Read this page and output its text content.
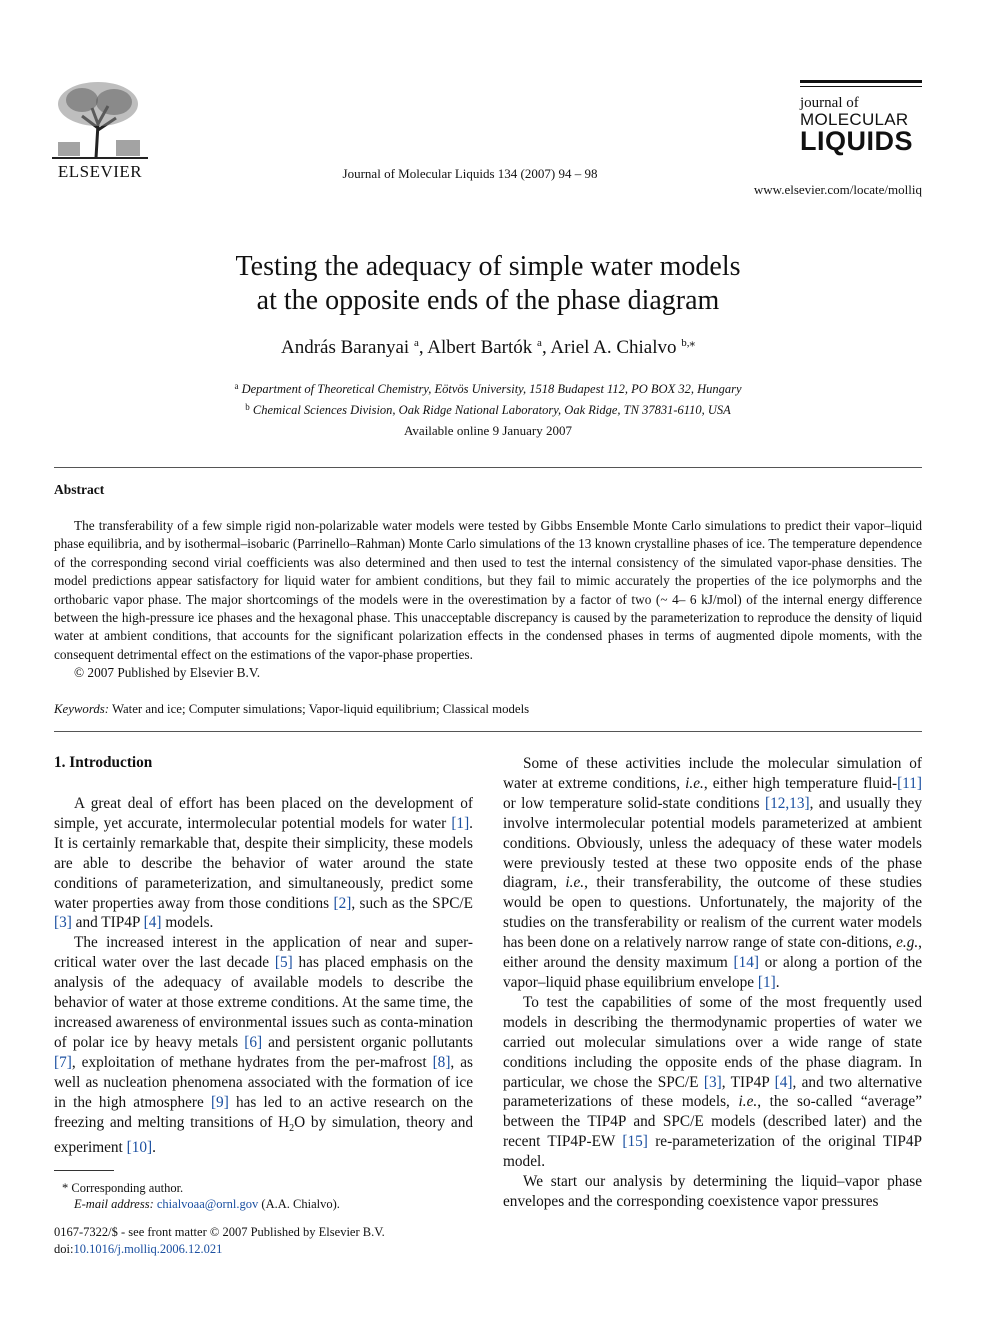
ELSEVIER	Journal of Molecular Liquids 134 (2007) 94 – 98
journal of
MOLECULAR
LIQUIDS
www.elsevier.com/locate/molliq
Testing the adequacy of simple water models
at the opposite ends of the phase diagram
András Baranyai $^a$, Albert Bartók $^a$, Ariel A. Chialvo $^{b,⁎}$
$^a$ Department of Theoretical Chemistry, Eötvös University, 1518 Budapest 112, PO BOX 32, Hungary
$^b$ Chemical Sciences Division, Oak Ridge National Laboratory, Oak Ridge, TN 37831-6110, USA
Available online 9 January 2007
Abstract

The transferability of a few simple rigid non-polarizable water models were tested by Gibbs Ensemble Monte Carlo simulations to predict their vapor–liquid phase equilibria, and by isothermal–isobaric (Parrinello–Rahman) Monte Carlo simulations of the 13 known crystalline phases of ice. The temperature dependence of the corresponding second virial coefficients was also determined and then used to test the internal consistency of the simulated vapor-phase densities. The model predictions appear satisfactory for liquid water for ambient conditions, but they fail to mimic accurately the properties of the ice polymorphs and the orthobaric vapor phase. The major shortcomings of the models were in the overestimation by a factor of two (~ 4– 6 kJ/mol) of the internal energy difference between the high-pressure ice phases and the hexagonal phase. This unacceptable discrepancy is caused by the parameterization to reproduce the density of liquid water at ambient conditions, that accounts for the significant polarization effects in the condensed phases in terms of augmented dipole moments, with the consequent detrimental effect on the estimations of the vapor-phase properties.

© 2007 Published by Elsevier B.V.

Keywords: Water and ice; Computer simulations; Vapor-liquid equilibrium; Classical models
1. Introduction

A great deal of effort has been placed on the development of simple, yet accurate, intermolecular potential models for water [1]. It is certainly remarkable that, despite their simplicity, these models are able to describe the behavior of water around the state conditions of parameterization, and simultaneously, predict some water properties away from those conditions [2], such as the SPC/E [3] and TIP4P [4] models.

The increased interest in the application of near and super-critical water over the last decade [5] has placed emphasis on the analysis of the adequacy of available models to describe the behavior of water at those extreme conditions. At the same time, the increased awareness of environmental issues such as conta-mination of polar ice by heavy metals [6] and persistent organic pollutants [7], exploitation of methane hydrates from the per-mafrost [8], as well as nucleation phenomena associated with the formation of ice in the high atmosphere [9] has led to an active research on the freezing and melting transitions of $H_2O$ by simulation, theory and experiment [10].

* Corresponding author.
E-mail address: chialvoaa@ornl.gov (A.A. Chialvo).
0167-7322/$ - see front matter © 2007 Published by Elsevier B.V.
doi:10.1016/j.molliq.2006.12.021

Some of these activities include the molecular simulation of water at extreme conditions, i.e., either high temperature fluid-[11] or low temperature solid-state conditions [12,13], and usually they involve intermolecular potential models parameterized at ambient conditions. Obviously, unless the adequacy of these water models were previously tested at these two opposite ends of the phase diagram, i.e., their transferability, the outcome of these studies would be open to questions. Unfortunately, the majority of the studies on the transferability or realism of the current water models has been done on a relatively narrow range of state con-ditions, e.g., either around the density maximum [14] or along a portion of the vapor–liquid phase equilibrium envelope [1].

To test the capabilities of some of the most frequently used models in describing the thermodynamic properties of water we carried out molecular simulations over a wide range of state conditions including the opposite ends of the phase diagram. In particular, we chose the SPC/E [3], TIP4P [4], and two alternative parameterizations of these models, i.e., the so-called “average” between the TIP4P and SPC/E models (described later) and the recent TIP4P-EW [15] re-parameterization of the original TIP4P model.

We start our analysis by determining the liquid–vapor phase envelopes and the corresponding coexistence vapor pressures
